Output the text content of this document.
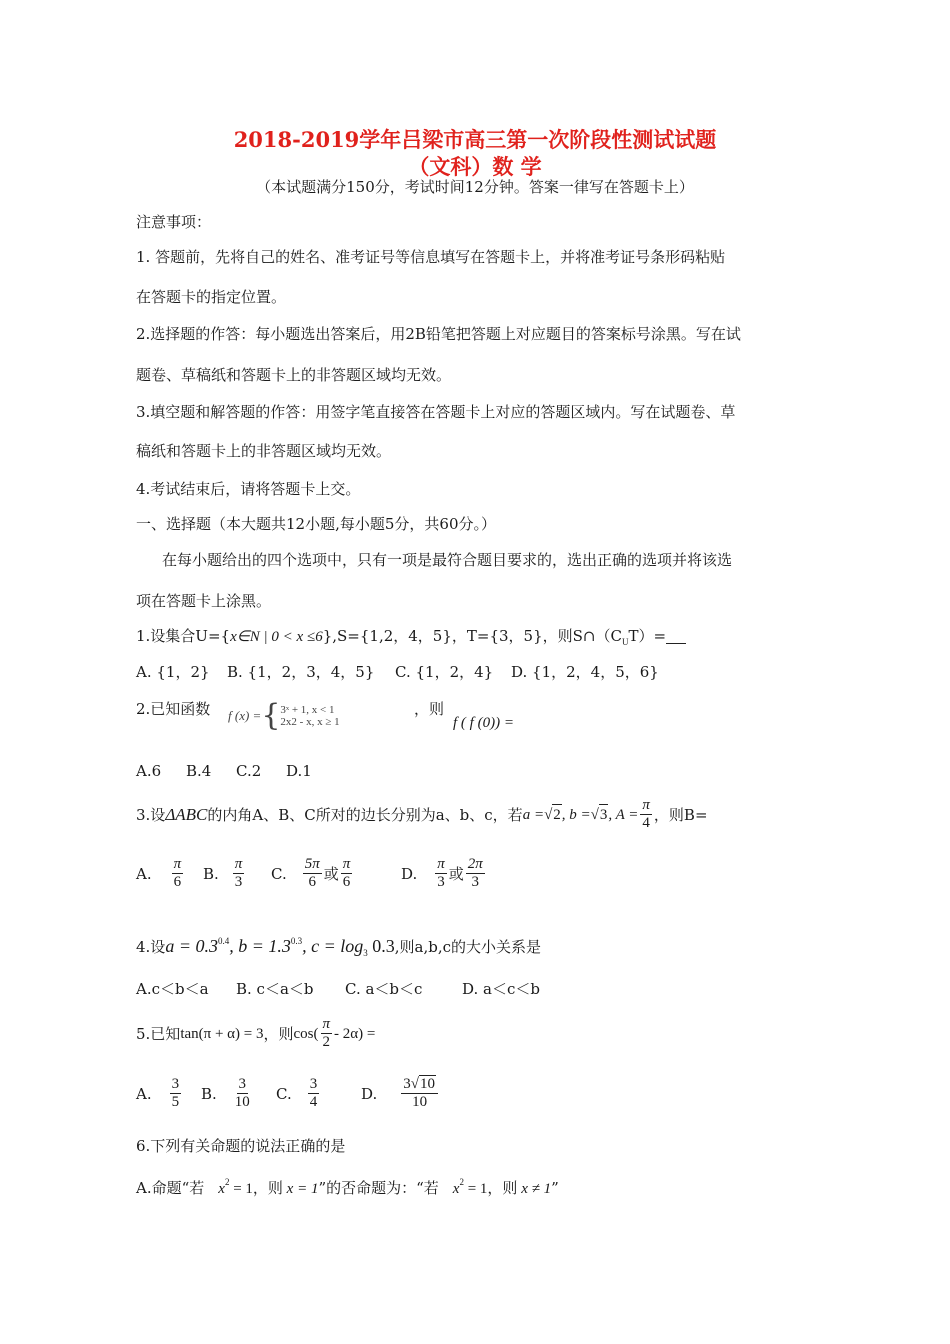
2018-2019学年吕梁市高三第一次阶段性测试试题
（文科）数 学
（本试题满分150分，考试时间12分钟。答案一律写在答题卡上）
注意事项：
1. 答题前，先将自己的姓名、准考证号等信息填写在答题卡上，并将准考证号条形码粘贴
在答题卡的指定位置。
2.选择题的作答：每小题选出答案后，用2B铅笔把答题上对应题目的答案标号涂黑。写在试
题卷、草稿纸和答题卡上的非答题区域均无效。
3.填空题和解答题的作答：用签字笔直接答在答题卡上对应的答题区域内。写在试题卷、草
稿纸和答题卡上的非答题区域均无效。
4.考试结束后，请将答题卡上交。
一、选择题（本大题共12小题,每小题5分，共60分。）
在每小题给出的四个选项中，只有一项是最符合题目要求的，选出正确的选项并将该选
项在答题卡上涂黑。
1.设集合U={x∈N | 0 < x ≤6},S={1,2，4，5}，T={3，5}，则$S\cap(C_UT)=$
A. {1，2} B. {1，2，3，4，5} C. {1，2，4} D. {1，2，4，5，6}
2.已知函数 f (x) = { 3ˣ + 1, x < 1
2x2 - x, x ≥ 1
，则
f ( f (0)) =
A.6 B.4 C.2 D.1
3.设 ΔABC 的内角A、B、C所对的边长分别为a、b、c，若 a = √ 2 , b = √ 3 , $A = \frac{\pi}{4}$ ，则B=
A. $\frac{\pi}{6} B$. $\frac{\pi}{3} C$. $\frac{5\pi}{6}$ 或 $\frac{\pi}{6}$	D. $\frac{\pi}{3}$ 或 $\frac{2\pi}{3}$
4.设 $a = 0.3^{0.4}$, $b = 1.3^{0.3}$, $c = \log_3 0.3$ ,则a,b,c的大小关系是
A.c＜b＜a B. c＜a＜b C. a＜b＜c	D. a＜c＜b
5.已知 tan(π + α) = 3 ，则 $\cos( \frac{\pi}{2} - 2\alpha)$ =
A. $\frac{3}{5} B$. $\frac{3}{10} C$. $\frac{3}{4}$	D. $\frac{3√10}{10}$
6.下列有关命题的说法正确的是
A.命题“若 $x^2 = 1$，则 x = 1”的否命题为：“若 $x^2 = 1$，则 x ≠ 1”
